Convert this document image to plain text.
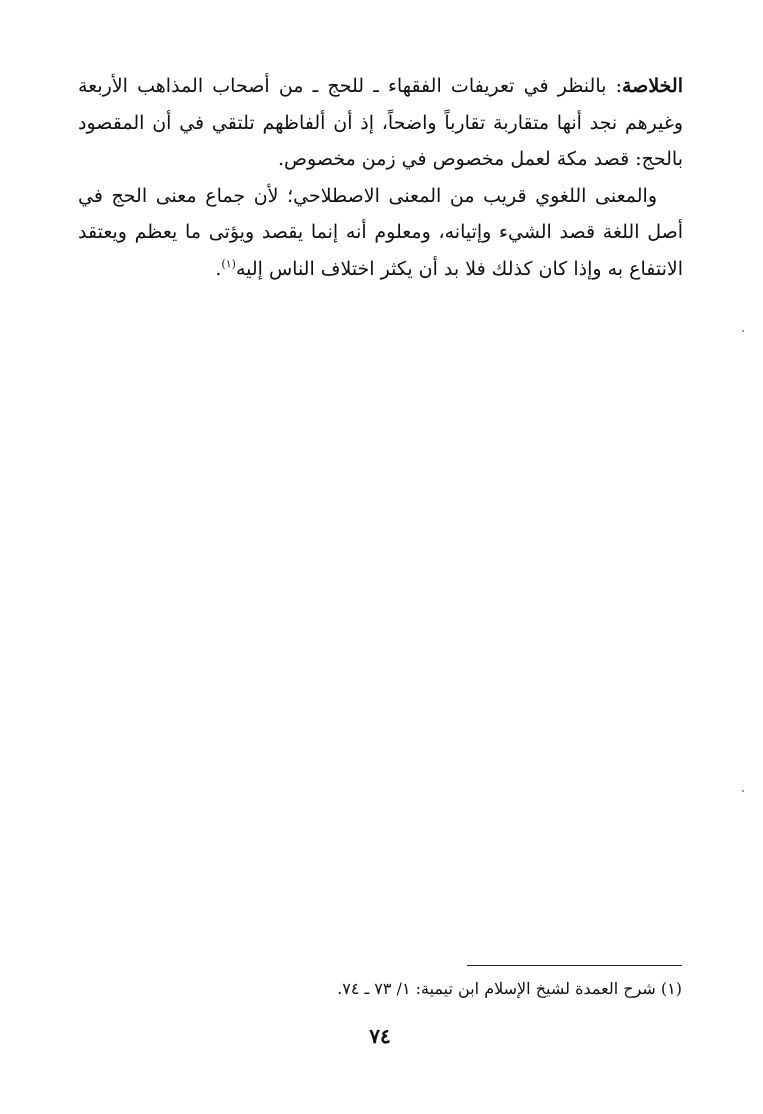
الخلاصة: بالنظر في تعريفات الفقهاء ـ للحج ـ من أصحاب المذاهب الأربعة وغيرهم نجد أنها متقاربة تقارباً واضحاً، إذ أن ألفاظهم تلتقي في أن المقصود بالحج: قصد مكة لعمل مخصوص في زمن مخصوص.

والمعنى اللغوي قريب من المعنى الاصطلاحي؛ لأن جماع معنى الحج في أصل اللغة قصد الشيء وإتيانه، ومعلوم أنه إنما يقصد ويؤتى ما يعظم ويعتقد الانتفاع به وإذا كان كذلك فلا بد أن يكثر اختلاف الناس إليه$^{(١)}$.

(١) شرح العمدة لشيخ الإسلام ابن تيمية: ١/ ٧٣ ـ ٧٤.
٧٤
